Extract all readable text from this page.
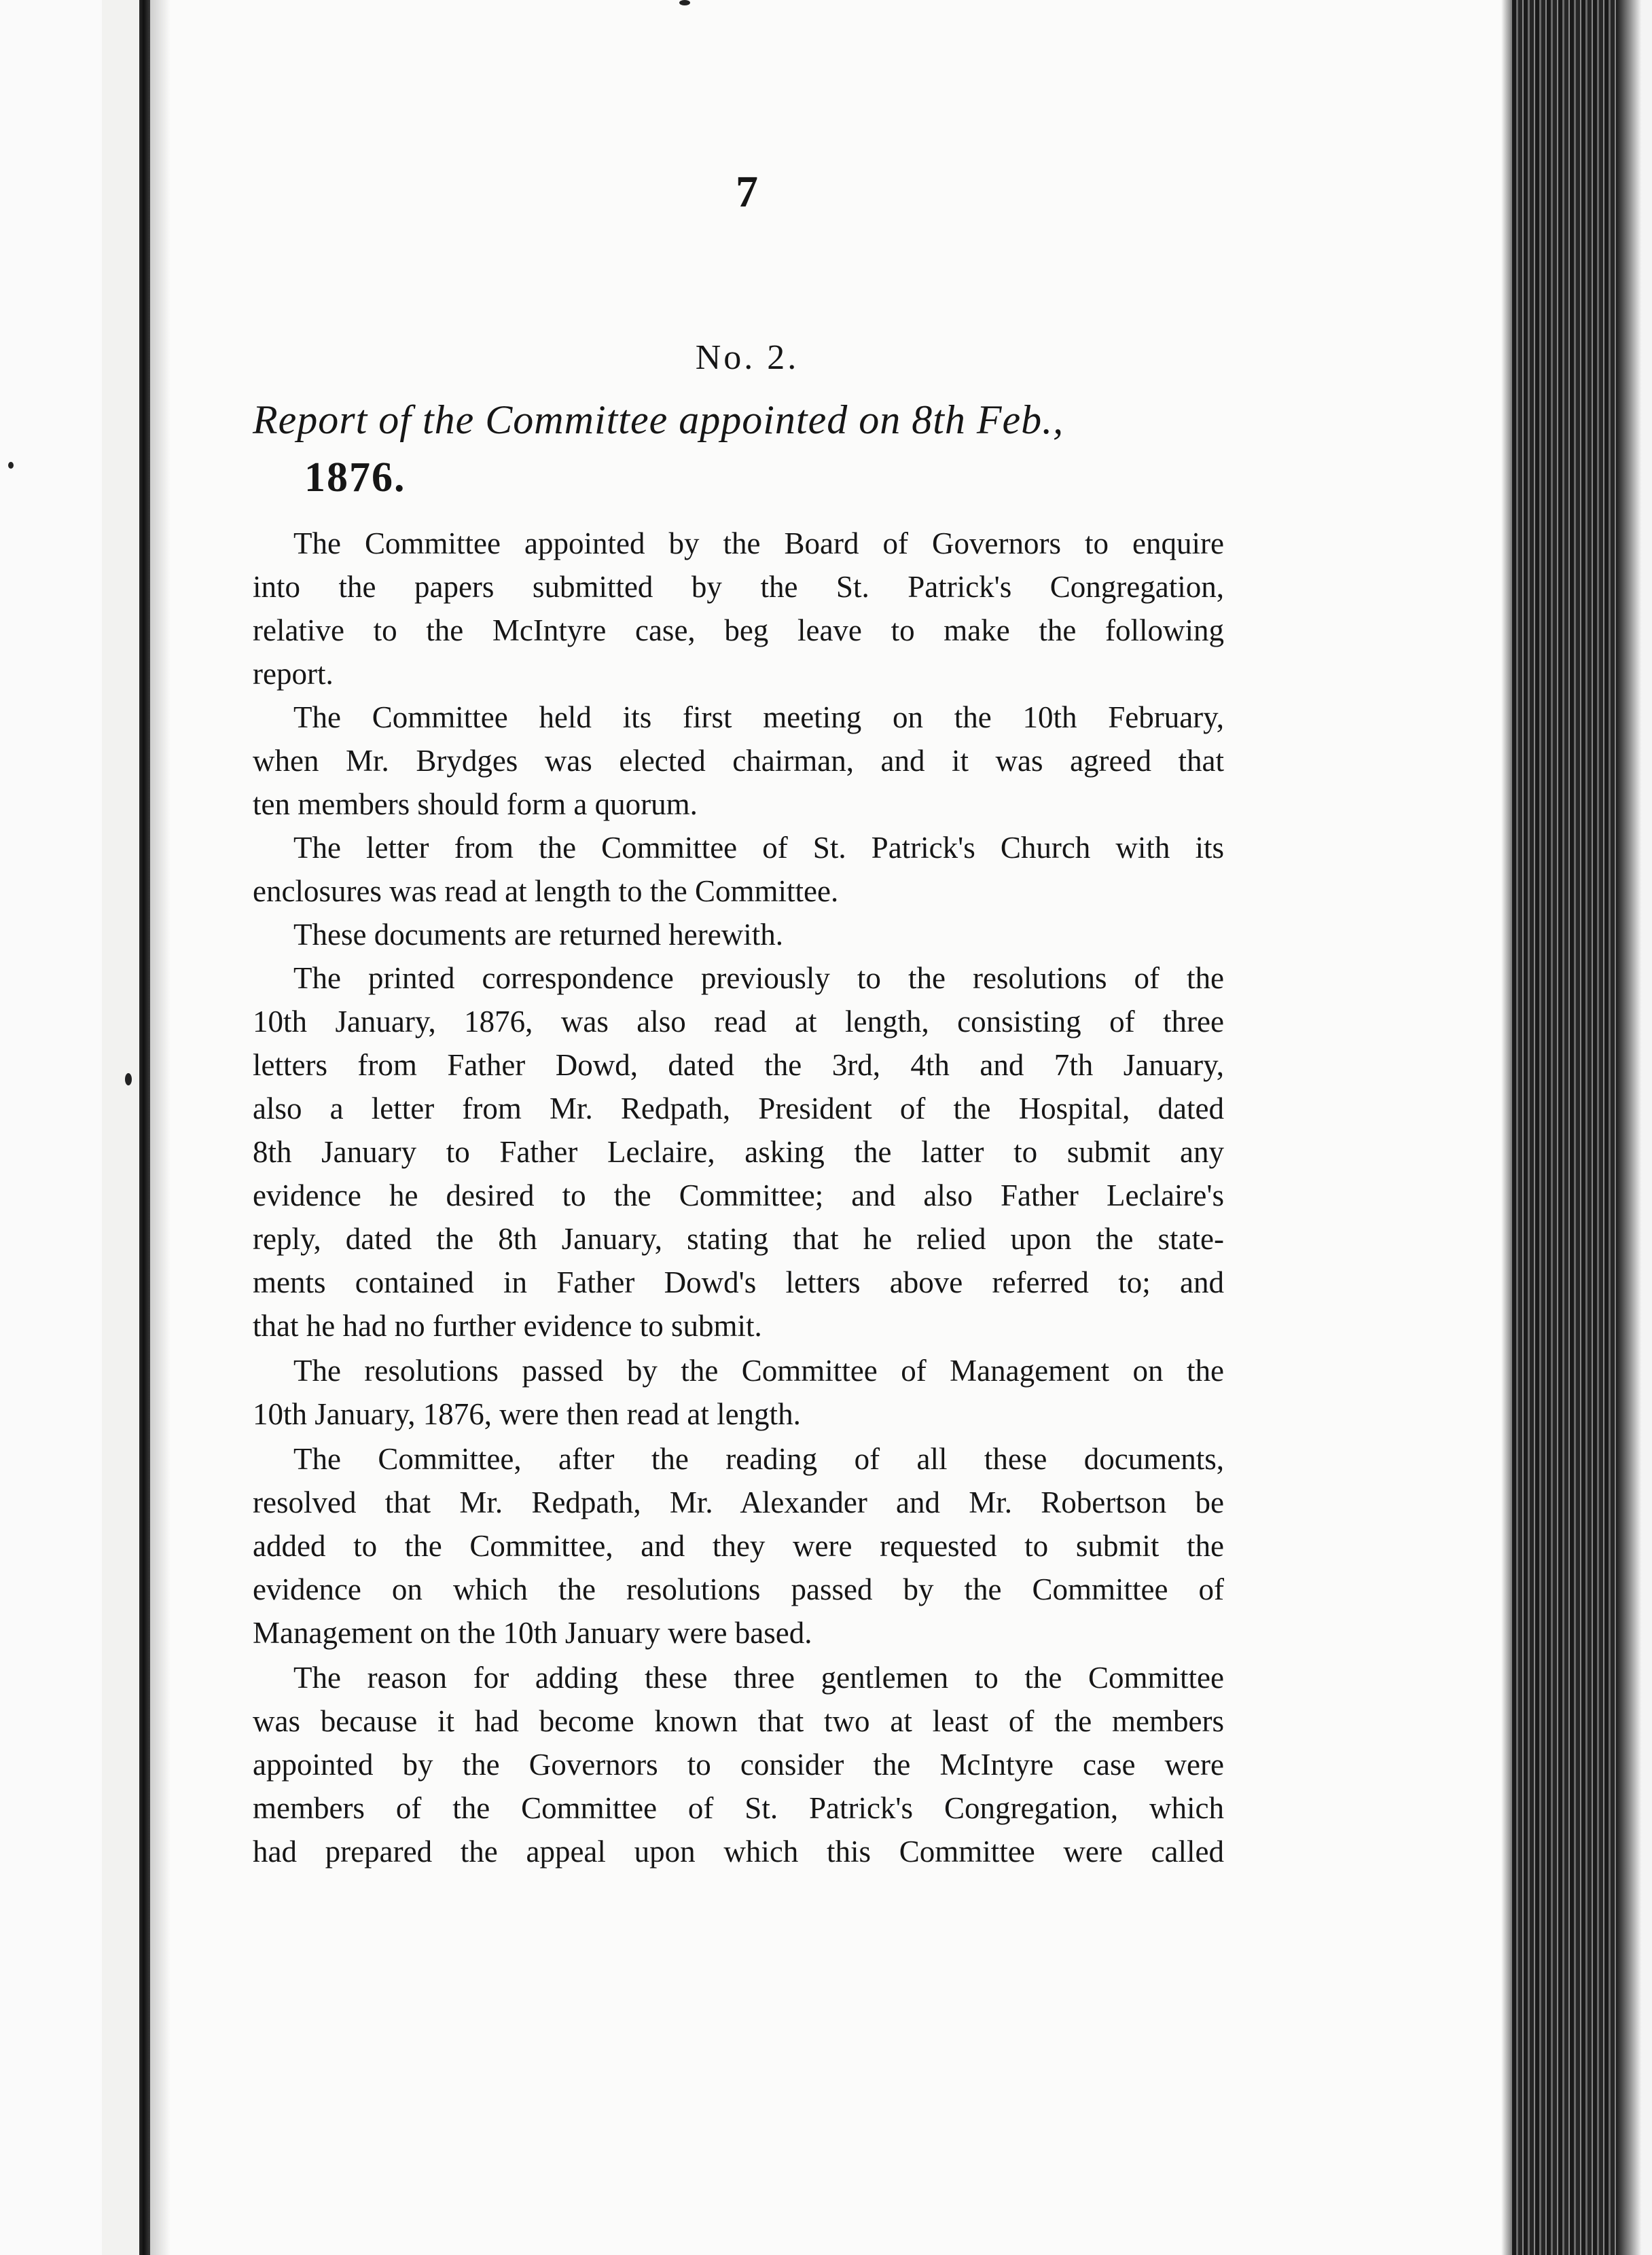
7
No. 2.
Report of the Committee appointed on 8th Feb.,
1876.
The Committee appointed by the Board of Governors to enquire
into the papers submitted by the St. Patrick's Congregation,
relative to the McIntyre case, beg leave to make the following
report.
The Committee held its first meeting on the 10th February,
when Mr. Brydges was elected chairman, and it was agreed that
ten members should form a quorum.
The letter from the Committee of St. Patrick's Church with its
enclosures was read at length to the Committee.
These documents are returned herewith.
The printed correspondence previously to the resolutions of the
10th January, 1876, was also read at length, consisting of three
letters from Father Dowd, dated the 3rd, 4th and 7th January,
also a letter from Mr. Redpath, President of the Hospital, dated
8th January to Father Leclaire, asking the latter to submit any
evidence he desired to the Committee; and also Father Leclaire's
reply, dated the 8th January, stating that he relied upon the state-
ments contained in Father Dowd's letters above referred to; and
that he had no further evidence to submit.
The resolutions passed by the Committee of Management on the
10th January, 1876, were then read at length.
The Committee, after the reading of all these documents,
resolved that Mr. Redpath, Mr. Alexander and Mr. Robertson be
added to the Committee, and they were requested to submit the
evidence on which the resolutions passed by the Committee of
Management on the 10th January were based.
The reason for adding these three gentlemen to the Committee
was because it had become known that two at least of the members
appointed by the Governors to consider the McIntyre case were
members of the Committee of St. Patrick's Congregation, which
had prepared the appeal upon which this Committee were called
